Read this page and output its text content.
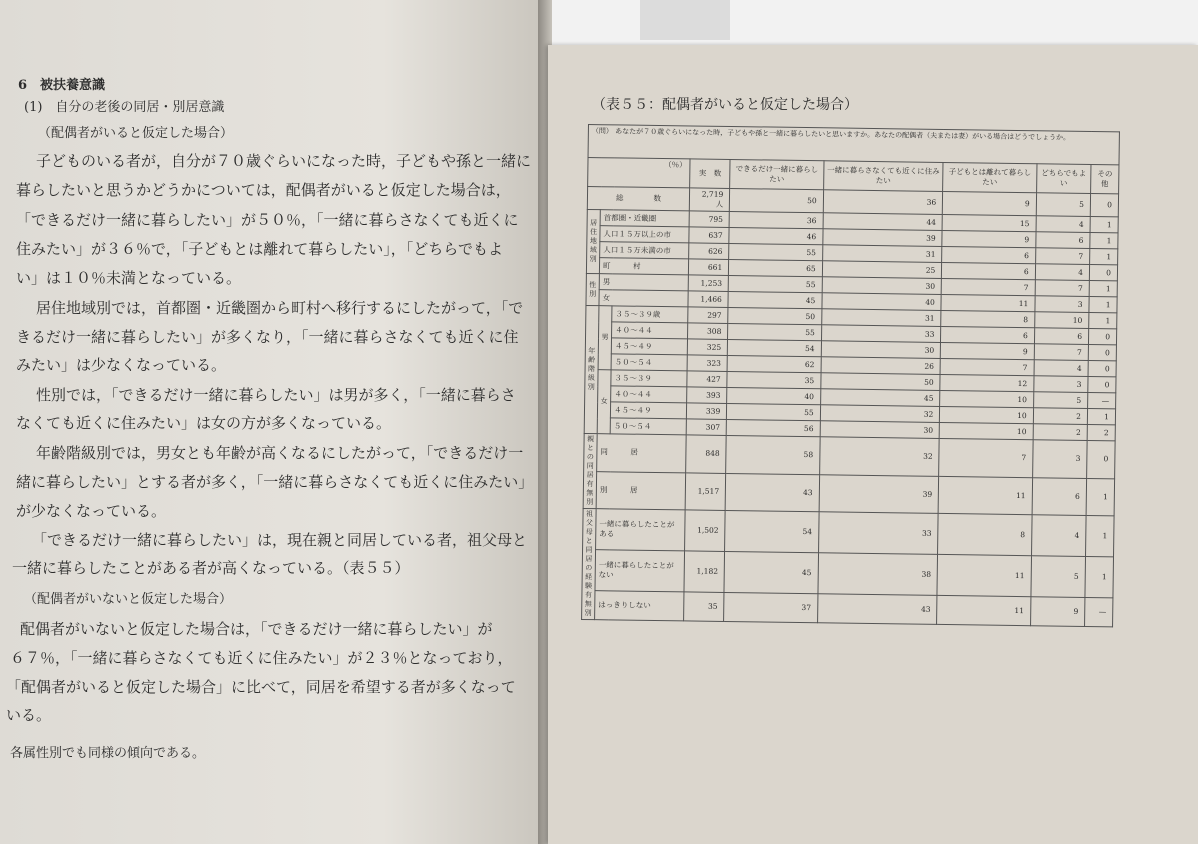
6　被扶養意識
(1)　自分の老後の同居・別居意識
（配偶者がいると仮定した場合）
子どものいる者が，自分が７０歳ぐらいになった時，子どもや孫と一緒に
暮らしたいと思うかどうかについては，配偶者がいると仮定した場合は，
「できるだけ一緒に暮らしたい」が５０％，「一緒に暮らさなくても近くに
住みたい」が３６％で，「子どもとは離れて暮らしたい」，「どちらでもよ
い」は１０％未満となっている。
居住地域別では，首都圏・近畿圏から町村へ移行するにしたがって，「で
きるだけ一緒に暮らしたい」が多くなり，「一緒に暮らさなくても近くに住
みたい」は少なくなっている。
性別では，「できるだけ一緒に暮らしたい」は男が多く，「一緒に暮らさ
なくても近くに住みたい」は女の方が多くなっている。
年齢階級別では，男女とも年齢が高くなるにしたがって，「できるだけ一
緒に暮らしたい」とする者が多く，「一緒に暮らさなくても近くに住みたい」
が少なくなっている。
「できるだけ一緒に暮らしたい」は，現在親と同居している者，祖父母と
一緒に暮らしたことがある者が高くなっている。（表５５）
（配偶者がいないと仮定した場合）
配偶者がいないと仮定した場合は，「できるだけ一緒に暮らしたい」が
６７％，「一緒に暮らさなくても近くに住みたい」が２３％となっており，
「配偶者がいると仮定した場合」に比べて，同居を希望する者が多くなって
いる。
各属性別でも同様の傾向である。
（表５５：配偶者がいると仮定した場合）
（問） あなたが７０歳ぐらいになった時，子どもや孫と一緒に暮らしたいと思いますか。あなたの配偶者（夫または妻）がいる場合はどうでしょうか。								
（％）			実　数	できるだけ一緒に暮らしたい	一緒に暮らさなくても近くに住みたい	子どもとは離れて暮らしたい	どちらでもよい	その他
総　　　　数			2,719 人	50	36	9	5	0
居住地域別	首都圏・近畿圏		795	36	44	15	4	1
	人口１５万以上の市		637	46	39	9	6	1
	人口１５万未満の市		626	55	31	6	7	1
	町　　　村		661	65	25	6	4	0
性別	男		1,253	55	30	7	7	1
	女		1,466	45	40	11	3	1
年齢階級別	男	３５～３９歳	297	50	31	8	10	1
		４０～４４	308	55	33	6	6	0
		４５～４９	325	54	30	9	7	0
		５０～５４	323	62	26	7	4	0
	女	３５～３９	427	35	50	12	3	0
		４０～４４	393	40	45	10	5	—
		４５～４９	339	55	32	10	2	1
		５０～５４	307	56	30	10	2	2
親との同居有無別	同　　　居		848	58	32	7	3	0
	別　　　居		1,517	43	39	11	6	1
祖父母と同居の経験有無別	一緒に暮らしたことがある		1,502	54	33	8	4	1
	一緒に暮らしたことがない		1,182	45	38	11	5	1
	はっきりしない		35	37	43	11	9	—
